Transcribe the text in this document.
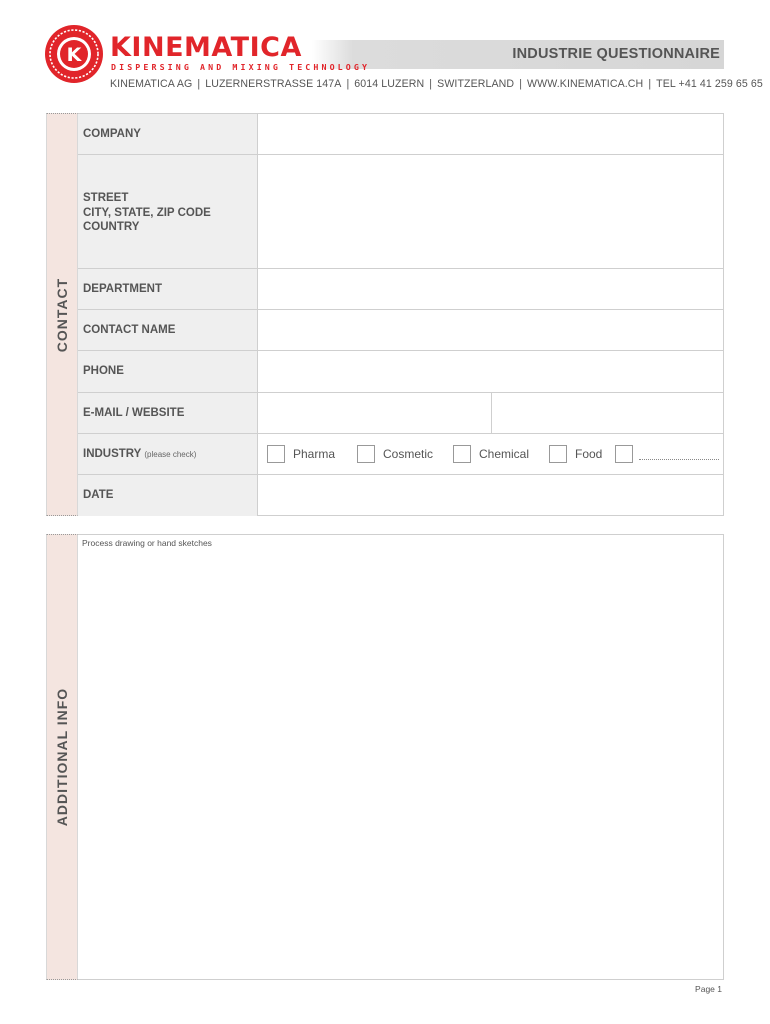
K KINEMATICA
DISPERSING AND MIXING TECHNOLOGY
INDUSTRIE QUESTIONNAIRE
KINEMATICA AG | LUZERNERSTRASSE 147A | 6014 LUZERN | SWITZERLAND | WWW.KINEMATICA.CH | TEL +41 41 259 65 65
CONTACT
COMPANY
STREET
CITY, STATE, ZIP CODE
COUNTRY
DEPARTMENT
CONTACT NAME
PHONE
E-MAIL / WEBSITE
INDUSTRY (please check)	Pharma	Cosmetic	Chemical	Food
DATE
ADDITIONAL INFO
Process drawing or hand sketches
Page 1
